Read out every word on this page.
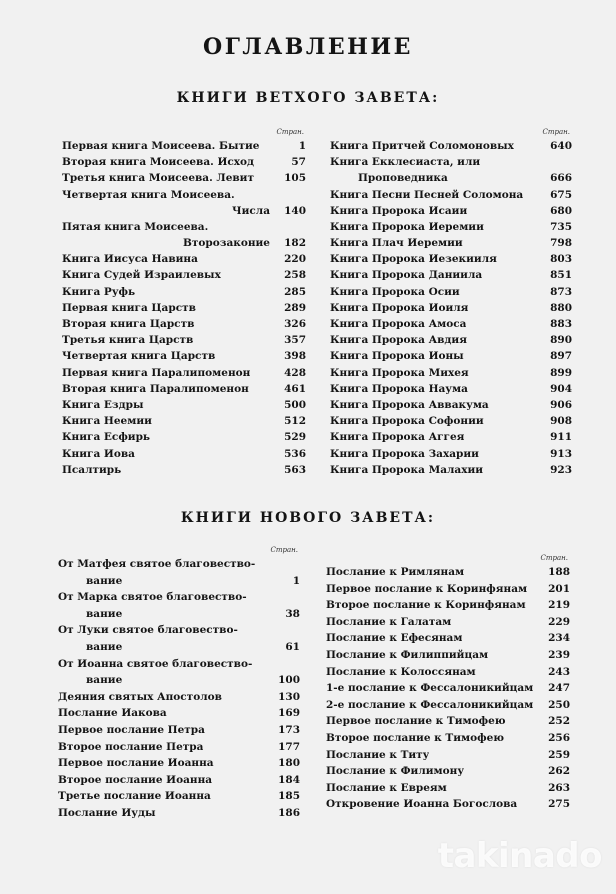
ОГЛАВЛЕНИЕ
КНИГИ ВЕТХОГО ЗАВЕТА:
Стран.
Первая книга Моисеева. Бытие	1
Вторая книга Моисеева. Исход	57
Третья книга Моисеева. Левит	105
Четвертая книга Моисеева.
Числа	140
Пятая книга Моисеева.
Второзаконие	182
Книга Иисуса Навина	220
Книга Судей Израилевых	258
Книга Руфь	285
Первая книга Царств	289
Вторая книга Царств	326
Третья книга Царств	357
Четвертая книга Царств	398
Первая книга Паралипоменон	428
Вторая книга Паралипоменон	461
Книга Ездры	500
Книга Неемии	512
Книга Есфирь	529
Книга Иова	536
Псалтирь	563
Стран.
Книга Притчей Соломоновых	640
Книга Екклесиаста, или
Проповедника	666
Книга Песни Песней Соломона	675
Книга Пророка Исаии	680
Книга Пророка Иеремии	735
Книга Плач Иеремии	798
Книга Пророка Иезекииля	803
Книга Пророка Даниила	851
Книга Пророка Осии	873
Книга Пророка Иоиля	880
Книга Пророка Амоса	883
Книга Пророка Авдия	890
Книга Пророка Ионы	897
Книга Пророка Михея	899
Книга Пророка Наума	904
Книга Пророка Аввакума	906
Книга Пророка Софонии	908
Книга Пророка Аггея	911
Книга Пророка Захарии	913
Книга Пророка Малахии	923
КНИГИ НОВОГО ЗАВЕТА:
Стран.
От Матфея святое благовество-
вание	1
От Марка святое благовество-
вание	38
От Луки святое благовество-
вание	61
От Иоанна святое благовество-
вание	100
Деяния святых Апостолов	130
Послание Иакова	169
Первое послание Петра	173
Второе послание Петра	177
Первое послание Иоанна	180
Второе послание Иоанна	184
Третье послание Иоанна	185
Послание Иуды	186
Стран.
Послание к Римлянам	188
Первое послание к Коринфянам	201
Второе послание к Коринфянам	219
Послание к Галатам	229
Послание к Ефесянам	234
Послание к Филиппийцам	239
Послание к Колоссянам	243
1-е послание к Фессалоникийцам	247
2-е послание к Фессалоникийцам	250
Первое послание к Тимофею	252
Второе послание к Тимофею	256
Послание к Титу	259
Послание к Филимону	262
Послание к Евреям	263
Откровение Иоанна Богослова	275
takinado
